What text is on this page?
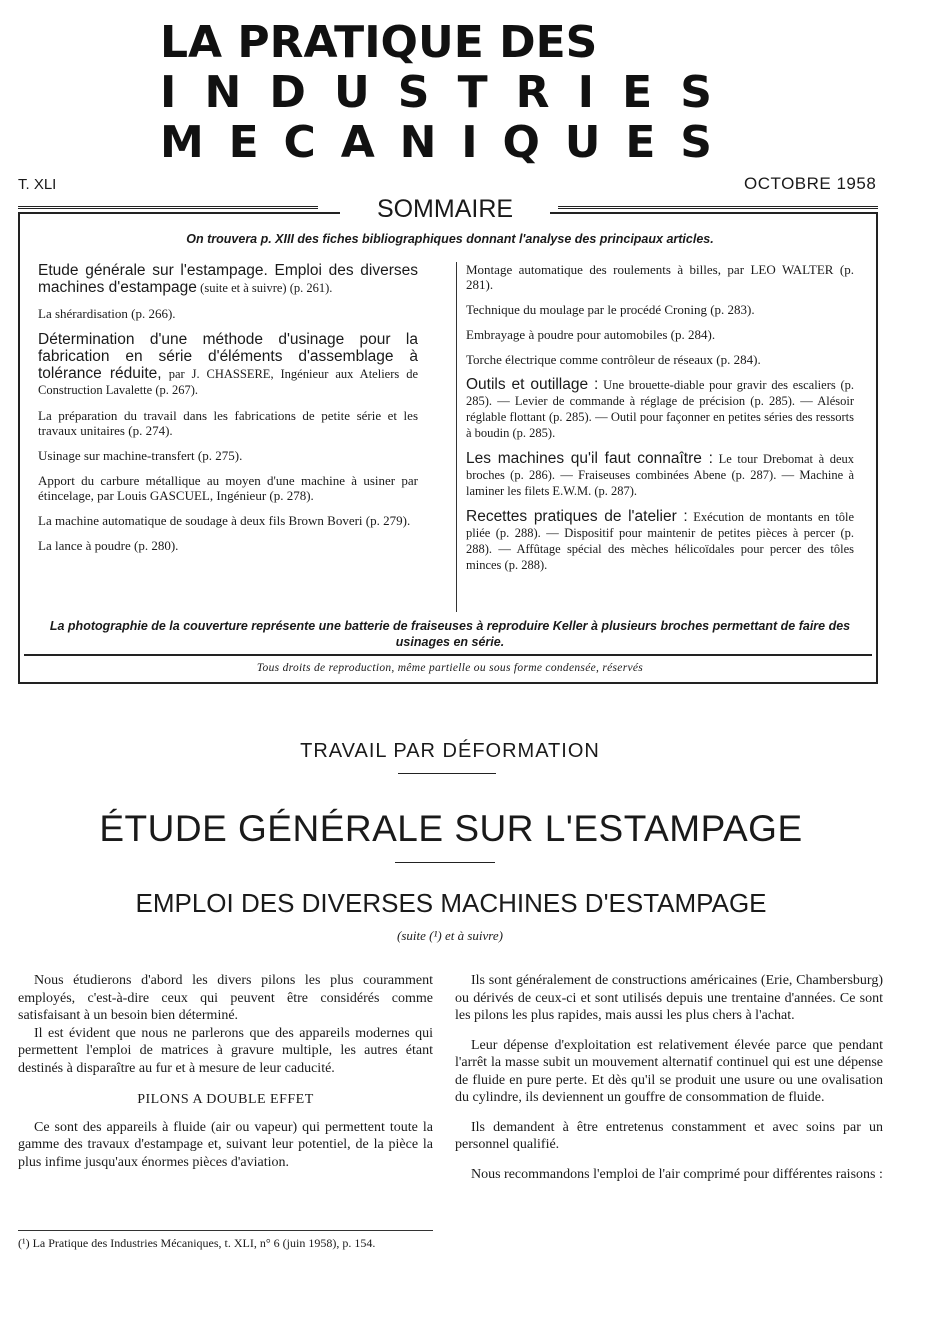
LA PRATIQUE DES
I N D U S T R I E S
M E C A N I Q U E S
T. XLI	OCTOBRE 1958
SOMMAIRE
On trouvera p. XIII des fiches bibliographiques donnant l'analyse des principaux articles.
Etude générale sur l'estampage. Emploi des diverses machines d'estampage (suite et à suivre) (p. 261).
La shérardisation (p. 266).
Détermination d'une méthode d'usinage pour la fabrication en série d'éléments d'assemblage à tolérance réduite, par J. CHASSERE, Ingénieur aux Ateliers de Construction Lavalette (p. 267).
La préparation du travail dans les fabrications de petite série et les travaux unitaires (p. 274).
Usinage sur machine-transfert (p. 275).
Apport du carbure métallique au moyen d'une machine à usiner par étincelage, par Louis GASCUEL, Ingénieur (p. 278).
La machine automatique de soudage à deux fils Brown Boveri (p. 279).
La lance à poudre (p. 280).
Montage automatique des roulements à billes, par LEO WALTER (p. 281).
Technique du moulage par le procédé Croning (p. 283).
Embrayage à poudre pour automobiles (p. 284).
Torche électrique comme contrôleur de réseaux (p. 284).
Outils et outillage : Une brouette-diable pour gravir des escaliers (p. 285). — Levier de commande à réglage de précision (p. 285). — Alésoir réglable flottant (p. 285). — Outil pour façonner en petites séries des ressorts à boudin (p. 285).
Les machines qu'il faut connaître : Le tour Drebomat à deux broches (p. 286). — Fraiseuses combinées Abene (p. 287). — Machine à laminer les filets E.W.M. (p. 287).
Recettes pratiques de l'atelier : Exécution de montants en tôle pliée (p. 288). — Dispositif pour maintenir de petites pièces à percer (p. 288). — Affûtage spécial des mèches hélicoïdales pour percer des tôles minces (p. 288).
La photographie de la couverture représente une batterie de fraiseuses à reproduire Keller à plusieurs broches permettant de faire des usinages en série.
Tous droits de reproduction, même partielle ou sous forme condensée, réservés
TRAVAIL PAR DÉFORMATION
ÉTUDE GÉNÉRALE SUR L'ESTAMPAGE
EMPLOI DES DIVERSES MACHINES D'ESTAMPAGE
(suite (¹) et à suivre)

Nous étudierons d'abord les divers pilons les plus couramment employés, c'est-à-dire ceux qui peuvent être considérés comme satisfaisant à un besoin bien déterminé.

Il est évident que nous ne parlerons que des appareils modernes qui permettent l'emploi de matrices à gravure multiple, les autres étant destinés à disparaître au fur et à mesure de leur caducité.

PILONS A DOUBLE EFFET

Ce sont des appareils à fluide (air ou vapeur) qui permettent toute la gamme des travaux d'estampage et, suivant leur potentiel, de la pièce la plus infime jusqu'aux énormes pièces d'aviation.

Ils sont généralement de constructions américaines (Erie, Chambersburg) ou dérivés de ceux-ci et sont utilisés depuis une trentaine d'années. Ce sont les pilons les plus rapides, mais aussi les plus chers à l'achat.

Leur dépense d'exploitation est relativement élevée parce que pendant l'arrêt la masse subit un mouvement alternatif continuel qui est une dépense de fluide en pure perte. Et dès qu'il se produit une usure ou une ovalisation du cylindre, ils deviennent un gouffre de consommation de fluide.

Ils demandent à être entretenus constamment et avec soins par un personnel qualifié.

Nous recommandons l'emploi de l'air comprimé pour différentes raisons :

(¹) La Pratique des Industries Mécaniques, t. XLI, n° 6 (juin 1958), p. 154.
